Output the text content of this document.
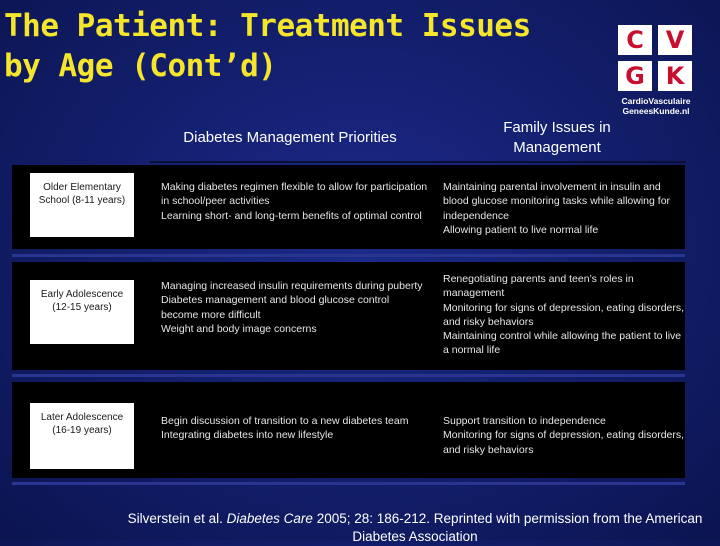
The Patient: Treatment Issues
by Age (Cont’d)
C V
G K
CardioVasculaire
GeneesKunde.nl
Diabetes Management Priorities
Family Issues in Management
Older Elementary School (8-11 years)
Making diabetes regimen flexible to allow for participation in school/peer activities
Learning short- and long-term benefits of optimal control
Maintaining parental involvement in insulin and blood glucose monitoring tasks while allowing for independence
Allowing patient to live normal life
Early Adolescence (12-15 years)
Managing increased insulin requirements during puberty
Diabetes management and blood glucose control become more difficult
Weight and body image concerns
Renegotiating parents and teen’s roles in management
Monitoring for signs of depression, eating disorders, and risky behaviors
Maintaining control while allowing the patient to live a normal life
Later Adolescence (16-19 years)
Begin discussion of transition to a new diabetes team
Integrating diabetes into new lifestyle
Support transition to independence
Monitoring for signs of depression, eating disorders, and risky behaviors
Silverstein et al. Diabetes Care 2005; 28: 186-212. Reprinted with permission from the American Diabetes Association
